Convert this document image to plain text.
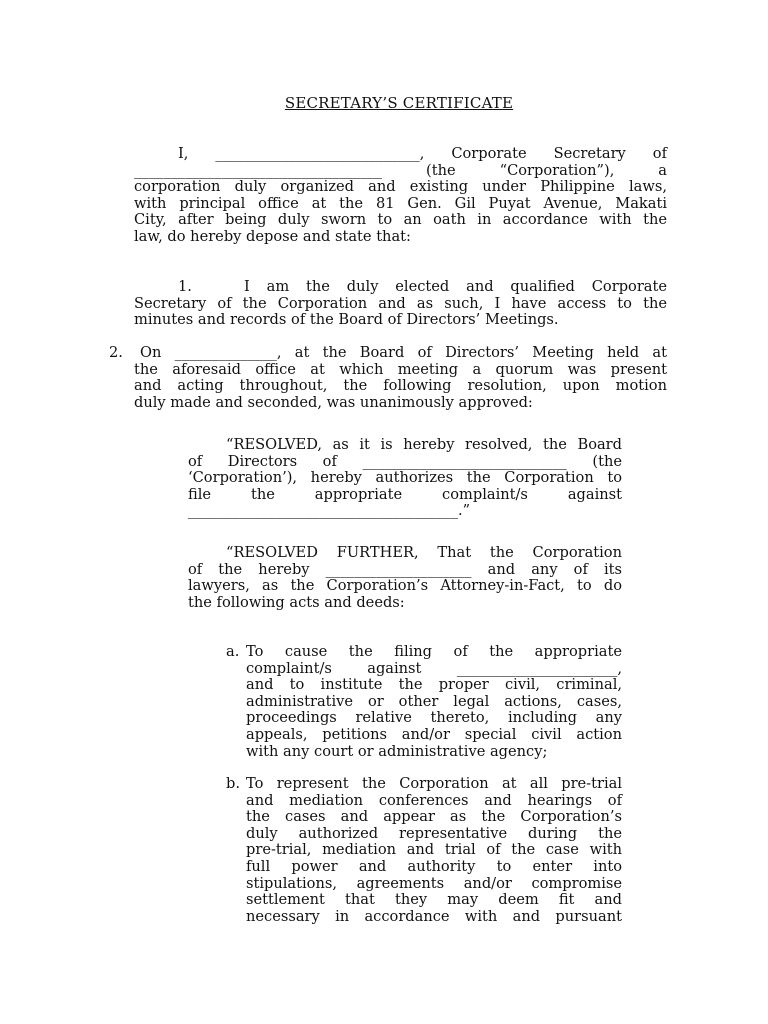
SECRETARY’S CERTIFICATE
I, ____________________________, Corporate Secretary of
__________________________________ (the “Corporation”), a
corporation duly organized and existing under Philippine laws,
with principal office at the 81 Gen. Gil Puyat Avenue, Makati
City, after being duly sworn to an oath in accordance with the
law, do hereby depose and state that:
1.	I am the duly elected and qualified Corporate
Secretary of the Corporation and as such, I have access to the
minutes and records of the Board of Directors’ Meetings.
2.	On ______________, at the Board of Directors’ Meeting held at
the aforesaid office at which meeting a quorum was present
and acting throughout, the following resolution, upon motion
duly made and seconded, was unanimously approved:
“RESOLVED, as it is hereby resolved, the Board
of Directors of ____________________________ (the
‘Corporation’), hereby authorizes the Corporation to
file the appropriate complaint/s against
_____________________________________.”
“RESOLVED FURTHER, That the Corporation
of the hereby ____________________ and any of its
lawyers, as the Corporation’s Attorney-in-Fact, to do
the following acts and deeds:
a. To cause the filing of the appropriate
complaint/s against ______________________,
and to institute the proper civil, criminal,
administrative or other legal actions, cases,
proceedings relative thereto, including any
appeals, petitions and/or special civil action
with any court or administrative agency;
b. To represent the Corporation at all pre-trial
and mediation conferences and hearings of
the cases and appear as the Corporation’s
duly authorized representative during the
pre-trial, mediation and trial of the case with
full power and authority to enter into
stipulations, agreements and/or compromise
settlement that they may deem fit and
necessary in accordance with and pursuant
